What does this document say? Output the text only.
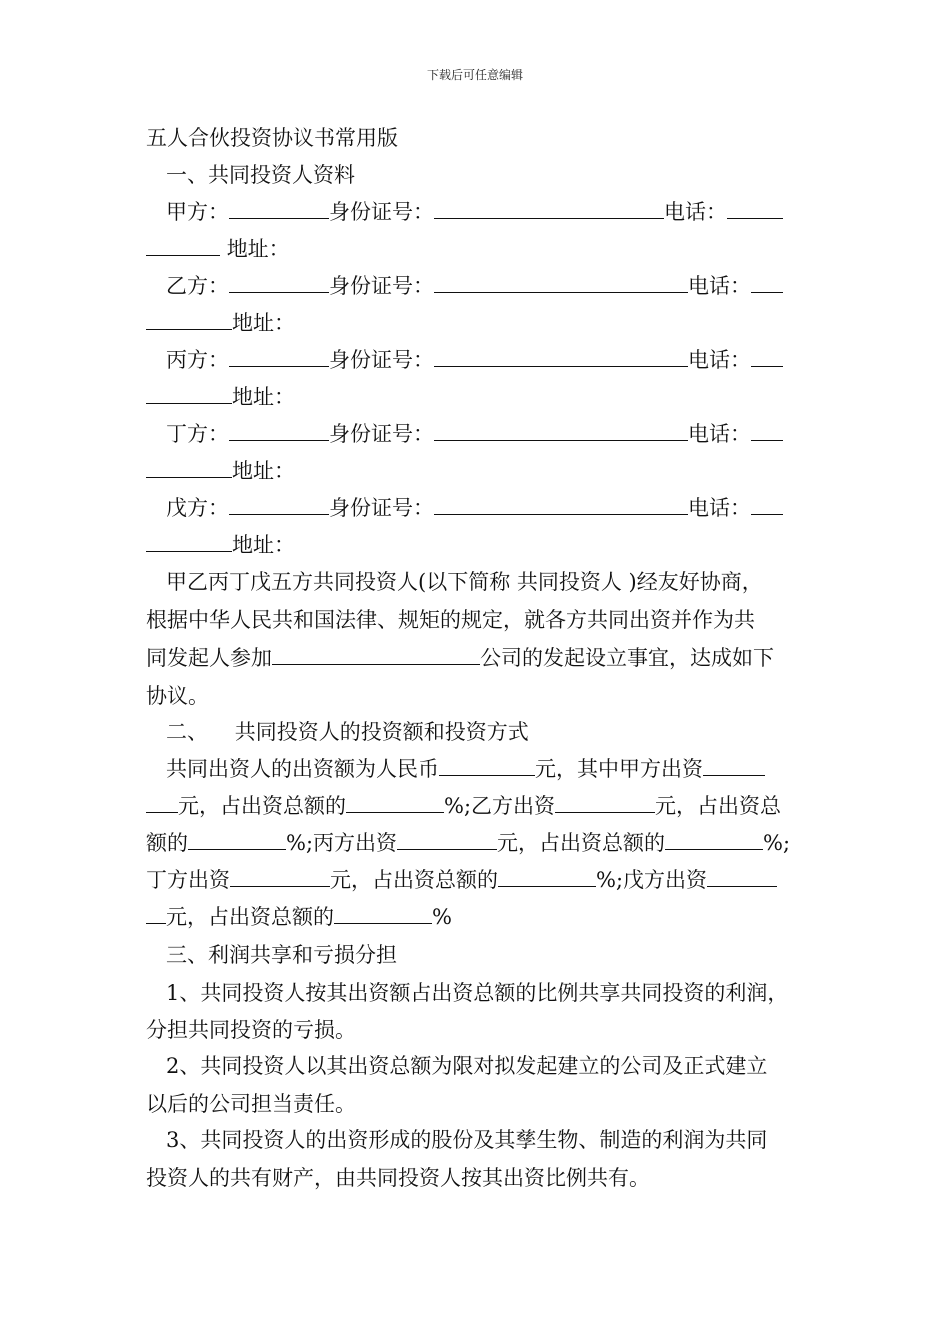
下载后可任意编辑
五人合伙投资协议书常用版
一、共同投资人资料
甲方：	身份证号：	电话：
地址：
乙方：	身份证号：	电话：
地址：
丙方：	身份证号：	电话：
地址：
丁方：	身份证号：	电话：
地址：
戊方：	身份证号：	电话：
地址：
甲乙丙丁戊五方共同投资人(以下简称 共同投资人 )经友好协商，
根据中华人民共和国法律、规矩的规定，就各方共同出资并作为共
同发起人参加	公司的发起设立事宜，达成如下
协议。
二、    共同投资人的投资额和投资方式
共同出资人的出资额为人民币	元，其中甲方出资
元，占出资总额的	%;乙方出资	元，占出资总
额的	%;丙方出资	元，占出资总额的	%;
丁方出资	元，占出资总额的	%;戊方出资
元，占出资总额的	%
三、利润共享和亏损分担
1、共同投资人按其出资额占出资总额的比例共享共同投资的利润，
分担共同投资的亏损。
2、共同投资人以其出资总额为限对拟发起建立的公司及正式建立
以后的公司担当责任。
3、共同投资人的出资形成的股份及其孳生物、制造的利润为共同
投资人的共有财产，由共同投资人按其出资比例共有。
